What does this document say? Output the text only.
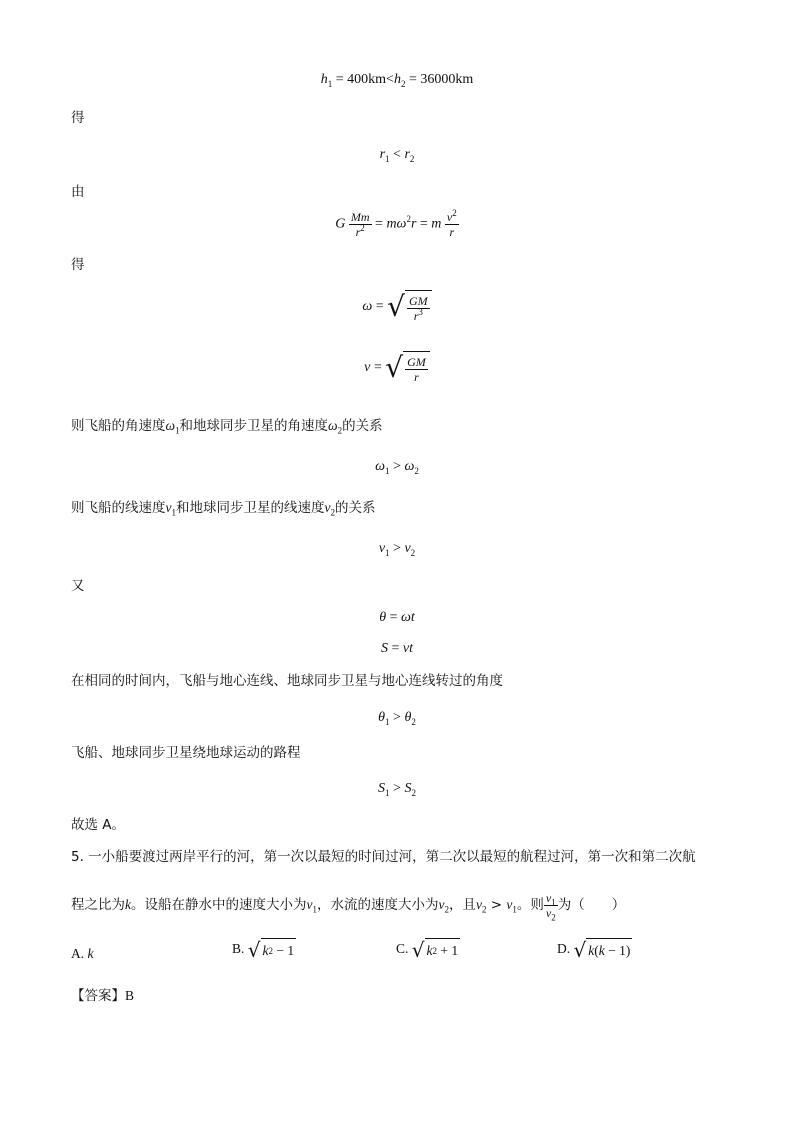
$h_1 = 400km<h_2 = 36000km$
得
$r_1 < r_2$
由
G $\frac{Mm}{r^2} = m\omega^2r = m \frac{v^2}{r}$
得
ω = √ $\frac{GM}{r^3}$
v = √ $\frac{GM}{r}$
则飞船的角速度$\omega_1$和地球同步卫星的角速度$\omega_2$的关系
$\omega_1 > \omega_2$
则飞船的线速度$v_1$和地球同步卫星的线速度$v_2$的关系
$v_1 > v_2$
又
θ = ωt
S = vt
在相同的时间内，飞船与地心连线、地球同步卫星与地心连线转过的角度
$\theta_1 > \theta_2$
飞船、地球同步卫星绕地球运动的路程
$S_1 > S_2$
故选 A。
5. 一小船要渡过两岸平行的河，第一次以最短的时间过河，第二次以最短的航程过河，第一次和第二次航
程之比为k。设船在静水中的速度大小为$v_1$，水流的速度大小为$v_2$，且$v_2 > v_1$。则 $\frac{v_1}{v_2}$ 为（　　）
A. k	B. √ k 2 − 1	C. √ k 2 + 1	D. √ k ( k − 1)
【答案】B
